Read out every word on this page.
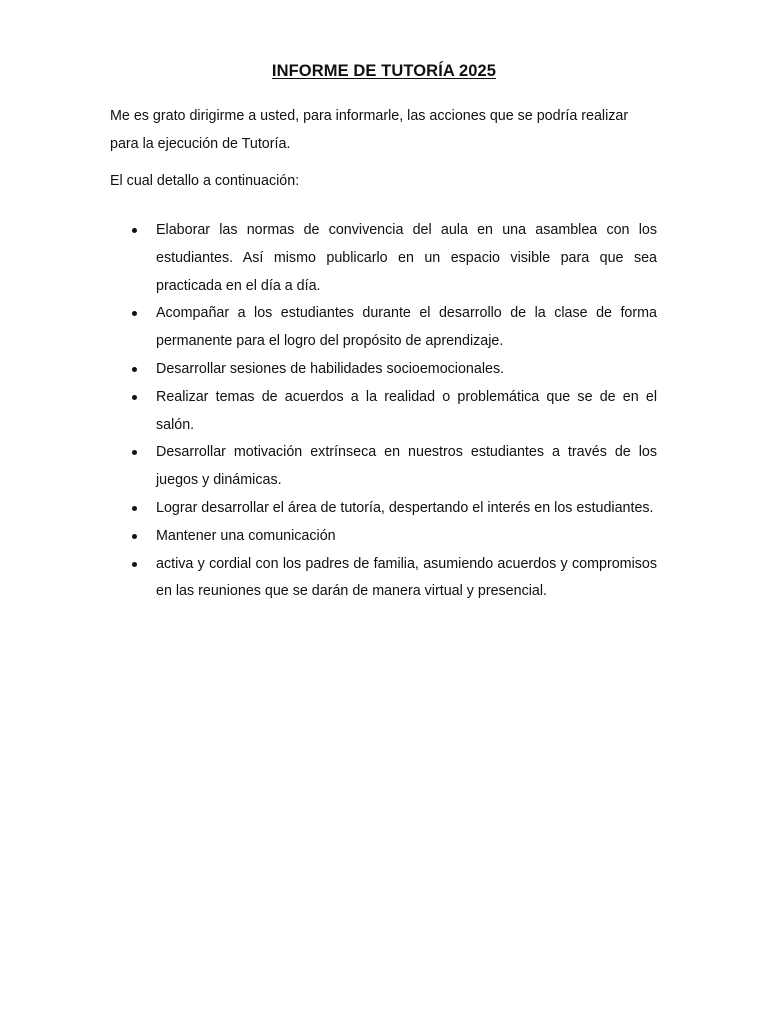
INFORME DE TUTORÍA 2025

Me es grato dirigirme a usted, para informarle, las acciones que se podría realizar para la ejecución de Tutoría.

El cual detallo a continuación:

Elaborar las normas de convivencia del aula en una asamblea con los estudiantes. Así mismo publicarlo en un espacio visible para que sea practicada en el día a día.
Acompañar a los estudiantes durante el desarrollo de la clase de forma permanente para el logro del propósito de aprendizaje.
Desarrollar sesiones de habilidades socioemocionales.
Realizar temas de acuerdos a la realidad o problemática que se de en el salón.
Desarrollar motivación extrínseca en nuestros estudiantes a través de los juegos y dinámicas.
Lograr desarrollar el área de tutoría, despertando el interés en los estudiantes.
Mantener una comunicación
activa y cordial con los padres de familia, asumiendo acuerdos y compromisos en las reuniones que se darán de manera virtual y presencial.
